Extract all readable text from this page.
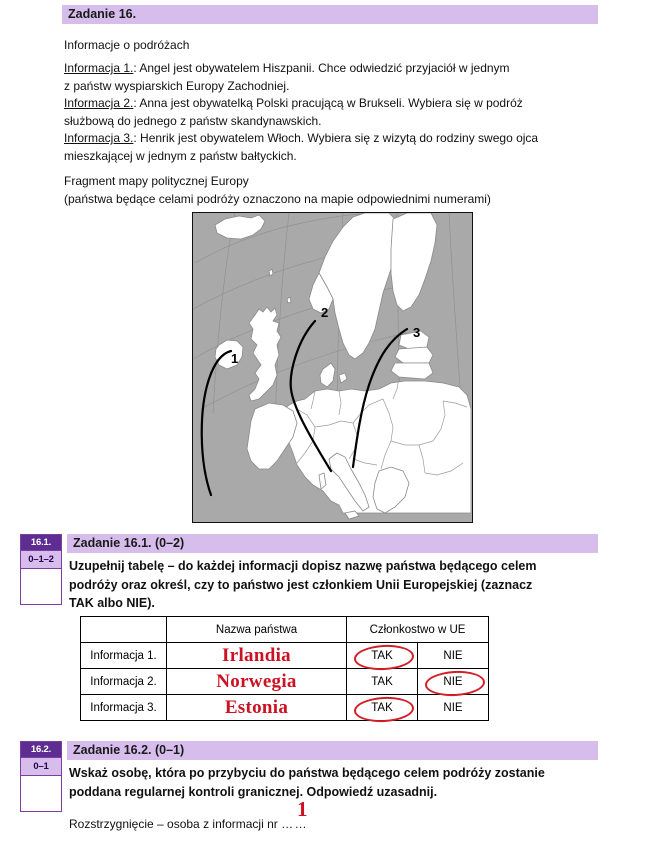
Zadanie 16.
Informacje o podróżach
Informacja 1.: Angel jest obywatelem Hiszpanii. Chce odwiedzić przyjaciół w jednym
z państw wyspiarskich Europy Zachodniej.
Informacja 2.: Anna jest obywatelką Polski pracującą w Brukseli. Wybiera się w podróż
służbową do jednego z państw skandynawskich.
Informacja 3.: Henrik jest obywatelem Włoch. Wybiera się z wizytą do rodziny swego ojca
mieszkającej w jednym z państw bałtyckich.
Fragment mapy politycznej Europy
(państwa będące celami podróży oznaczono na mapie odpowiednimi numerami)
1
2
3
16.1.
0–1–2
Zadanie 16.1. (0–2)
Uzupełnij tabelę – do każdej informacji dopisz nazwę państwa będącego celem
podróży oraz określ, czy to państwo jest członkiem Unii Europejskiej (zaznacz
TAK albo NIE).
	Nazwa państwa	Członkostwo w UE	
Informacja 1.	Irlandia	TAK	NIE
Informacja 2.	Norwegia	TAK	NIE

Informacja 3.	Estonia	TAK	NIE
16.2.
0–1
Zadanie 16.2. (0–1)
Wskaż osobę, która po przybyciu do państwa będącego celem podróży zostanie
poddana regularnej kontroli granicznej. Odpowiedź uzasadnij.
Rozstrzygnięcie – osoba z informacji nr ……
1
